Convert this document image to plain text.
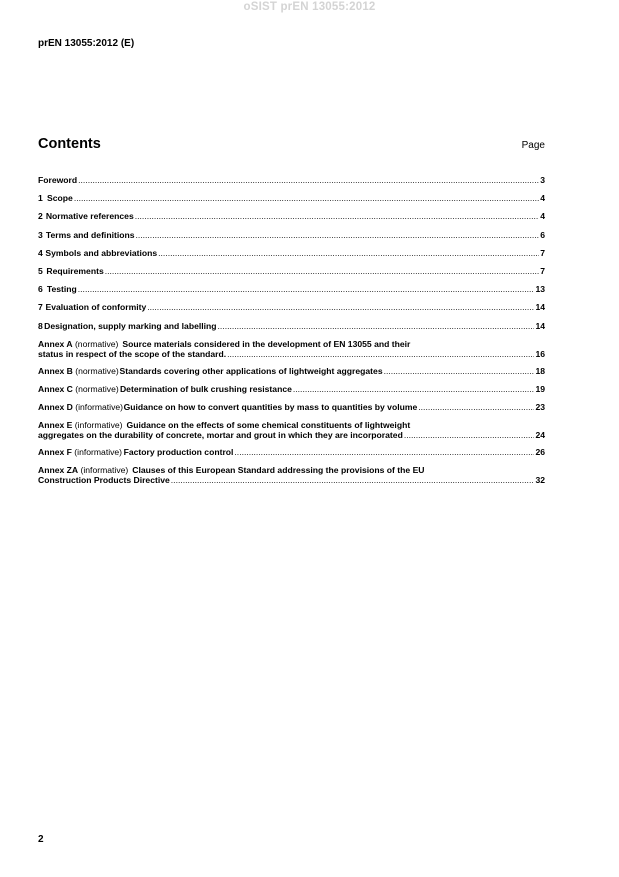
oSIST prEN 13055:2012
prEN 13055:2012 (E)
Contents	Page
Foreword .....	3
1 Scope .....	4
2 Normative references .....	4
3 Terms and definitions .....	6
4 Symbols and abbreviations .....	7
5 Requirements .....	7
6 Testing .....	13
7 Evaluation of conformity .....	14
8 Designation, supply marking and labelling .....	14
Annex A
(normative) Source materials considered in the development of EN 13055 and their
status in respect of the scope of the standard. .....	16
Annex B
(normative) Standards covering other applications of lightweight aggregates .....	18
Annex C
(normative) Determination of bulk crushing resistance .....	19
Annex D
(informative) Guidance on how to convert quantities by mass to quantities by volume .....	23
Annex E
(informative) Guidance on the effects of some chemical constituents of lightweight
aggregates on the durability of concrete, mortar and grout in which they are incorporated .....	24
Annex F
(informative) Factory production control .....	26
Annex ZA
(informative) Clauses of this European Standard addressing the provisions of the EU
Construction Products Directive .....	32
2
